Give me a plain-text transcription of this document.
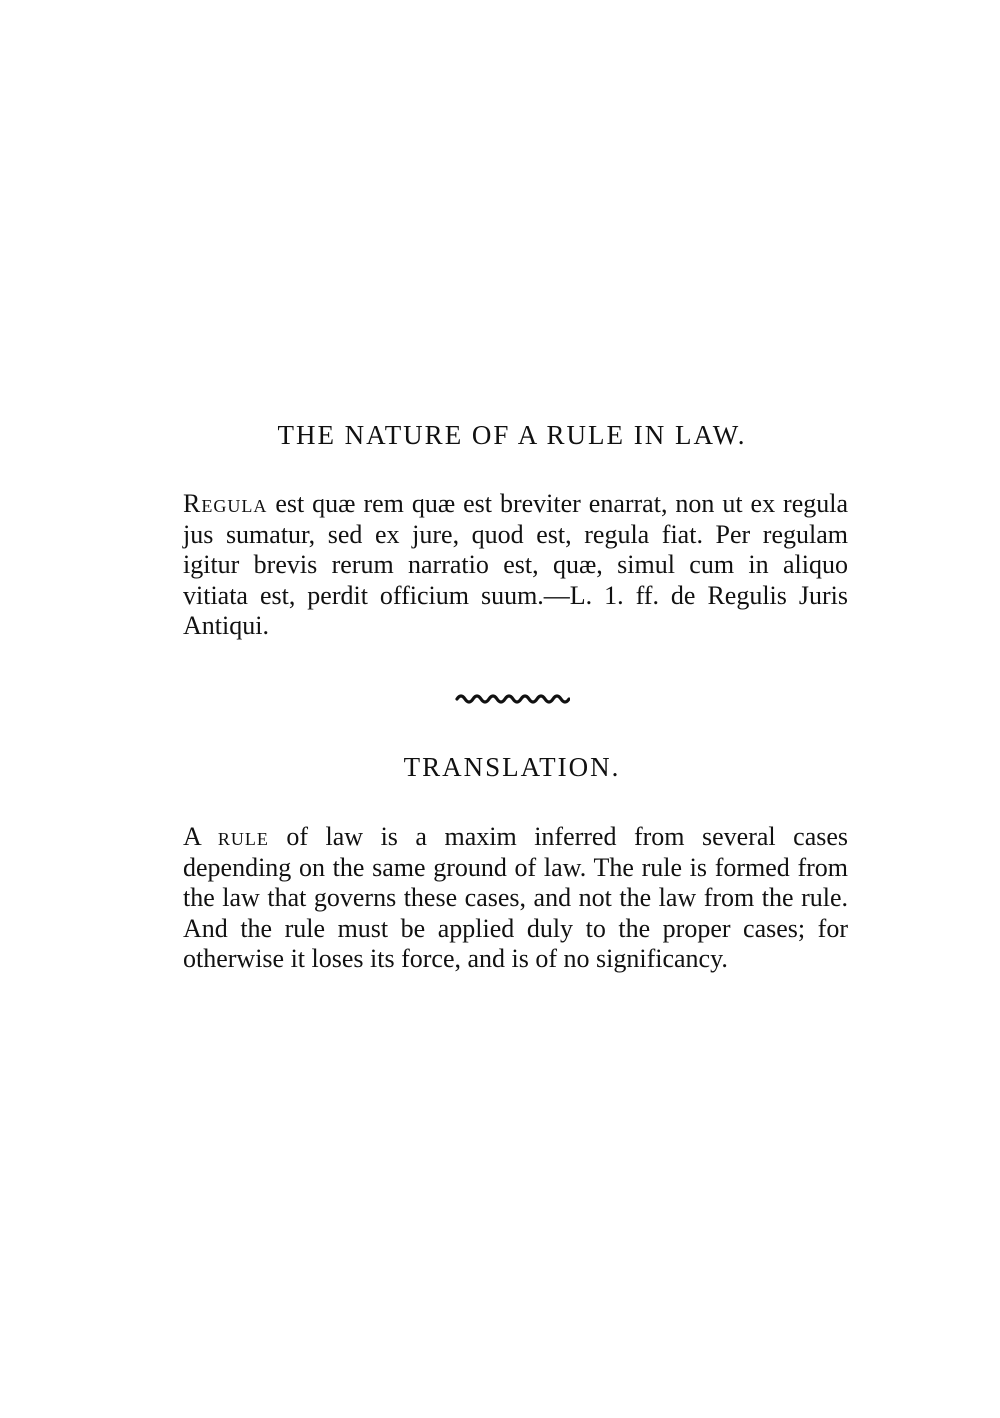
THE NATURE OF A RULE IN LAW.

Regula est quæ rem quæ est breviter enarrat, non ut ex regula jus sumatur, sed ex jure, quod est, regula fiat. Per regulam igitur brevis rerum narratio est, quæ, simul cum in aliquo vitiata est, perdit officium suum.—L. 1. ff. de Regulis Juris Antiqui.

TRANSLATION.

A rule of law is a maxim inferred from several cases depending on the same ground of law. The rule is formed from the law that governs these cases, and not the law from the rule. And the rule must be applied duly to the proper cases; for otherwise it loses its force, and is of no significancy.
